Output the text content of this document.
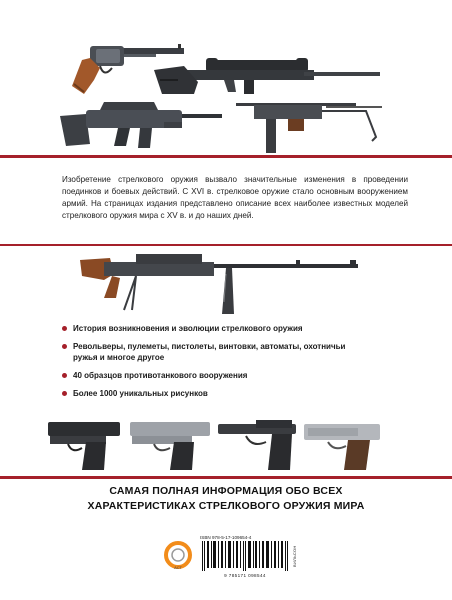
Изобретение стрелкового оружия вызвало значительные изменения в проведении поединков и боевых действий. С XVI в. стрелковое оружие стало основным вооружением армий. На страницах издания представлено описание всех наиболее известных моделей стрелкового оружия мира с XV в. и до наших дней.

История возникновения и эволюции стрелкового оружия
Револьверы, пулеметы, пистолеты, винтовки, автоматы, охотничьи ружья и многое другое
40 образцов противотанкового вооружения
Более 1000 уникальных рисунков
САМАЯ ПОЛНАЯ ИНФОРМАЦИЯ ОБО ВСЕХ
ХАРАКТЕРИСТИКАХ СТРЕЛКОВОГО ОРУЖИЯ МИРА
АСТ
ISBN 978-5-17-109654-4
9 785171 098544
ВИЛЬСОН
